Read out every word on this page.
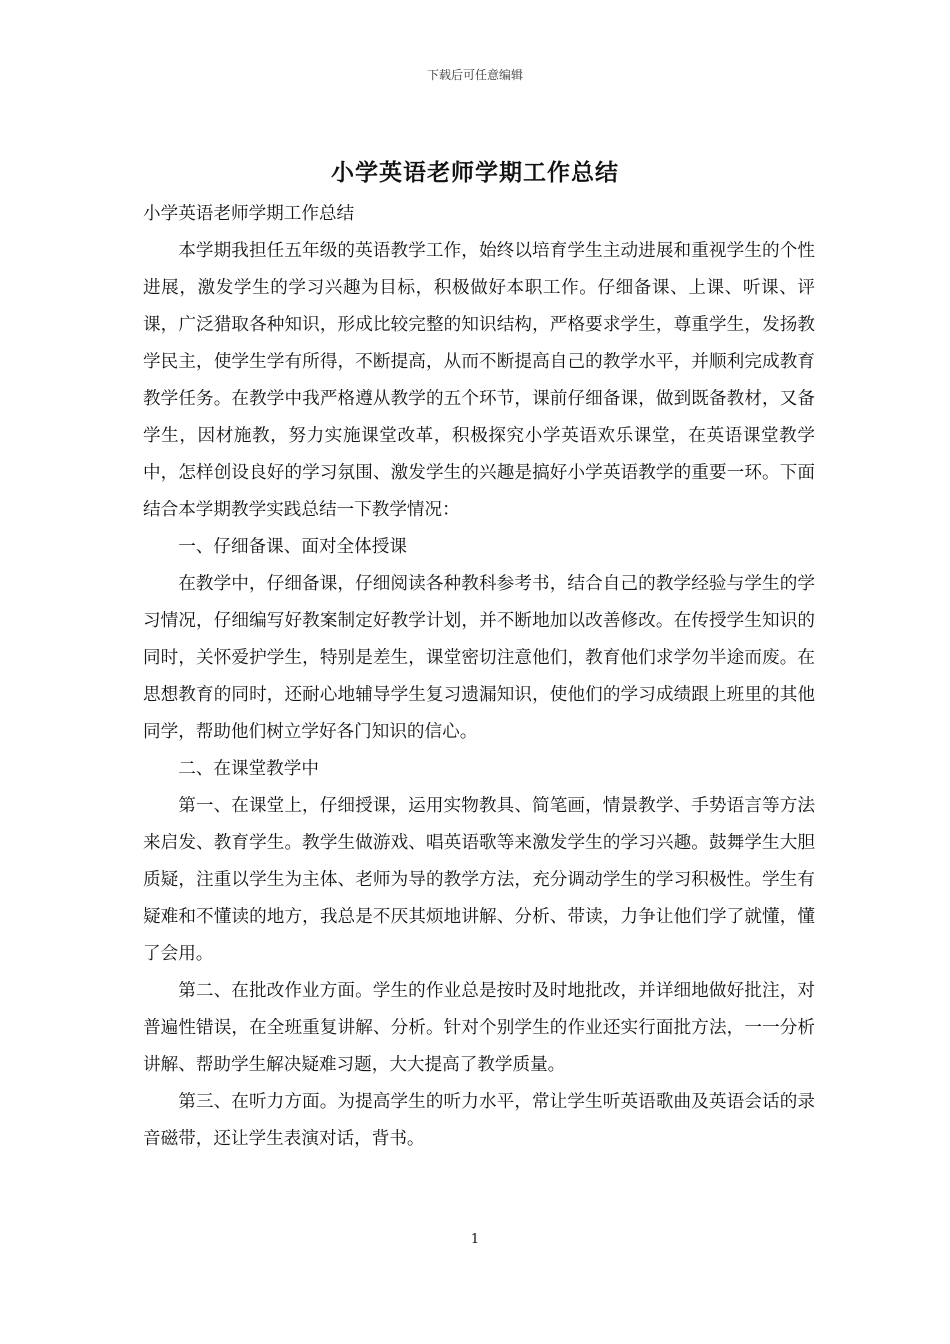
下载后可任意编辑
小学英语老师学期工作总结

小学英语老师学期工作总结

本学期我担任五年级的英语教学工作，始终以培育学生主动进展和重视学生的个性进展，激发学生的学习兴趣为目标，积极做好本职工作。仔细备课、上课、听课、评课，广泛猎取各种知识，形成比较完整的知识结构，严格要求学生，尊重学生，发扬教学民主，使学生学有所得，不断提高，从而不断提高自己的教学水平，并顺利完成教育教学任务。在教学中我严格遵从教学的五个环节，课前仔细备课，做到既备教材，又备学生，因材施教，努力实施课堂改革，积极探究小学英语欢乐课堂，在英语课堂教学中，怎样创设良好的学习氛围、激发学生的兴趣是搞好小学英语教学的重要一环。下面结合本学期教学实践总结一下教学情况：

一、仔细备课、面对全体授课

在教学中，仔细备课，仔细阅读各种教科参考书，结合自己的教学经验与学生的学习情况，仔细编写好教案制定好教学计划，并不断地加以改善修改。在传授学生知识的同时，关怀爱护学生，特别是差生，课堂密切注意他们，教育他们求学勿半途而废。在思想教育的同时，还耐心地辅导学生复习遗漏知识，使他们的学习成绩跟上班里的其他同学，帮助他们树立学好各门知识的信心。

二、在课堂教学中

第一、在课堂上，仔细授课，运用实物教具、简笔画，情景教学、手势语言等方法来启发、教育学生。教学生做游戏、唱英语歌等来激发学生的学习兴趣。鼓舞学生大胆质疑，注重以学生为主体、老师为导的教学方法，充分调动学生的学习积极性。学生有疑难和不懂读的地方，我总是不厌其烦地讲解、分析、带读，力争让他们学了就懂，懂了会用。

第二、在批改作业方面。学生的作业总是按时及时地批改，并详细地做好批注，对普遍性错误，在全班重复讲解、分析。针对个别学生的作业还实行面批方法，一一分析讲解、帮助学生解决疑难习题，大大提高了教学质量。

第三、在听力方面。为提高学生的听力水平，常让学生听英语歌曲及英语会话的录音磁带，还让学生表演对话，背书。

1
